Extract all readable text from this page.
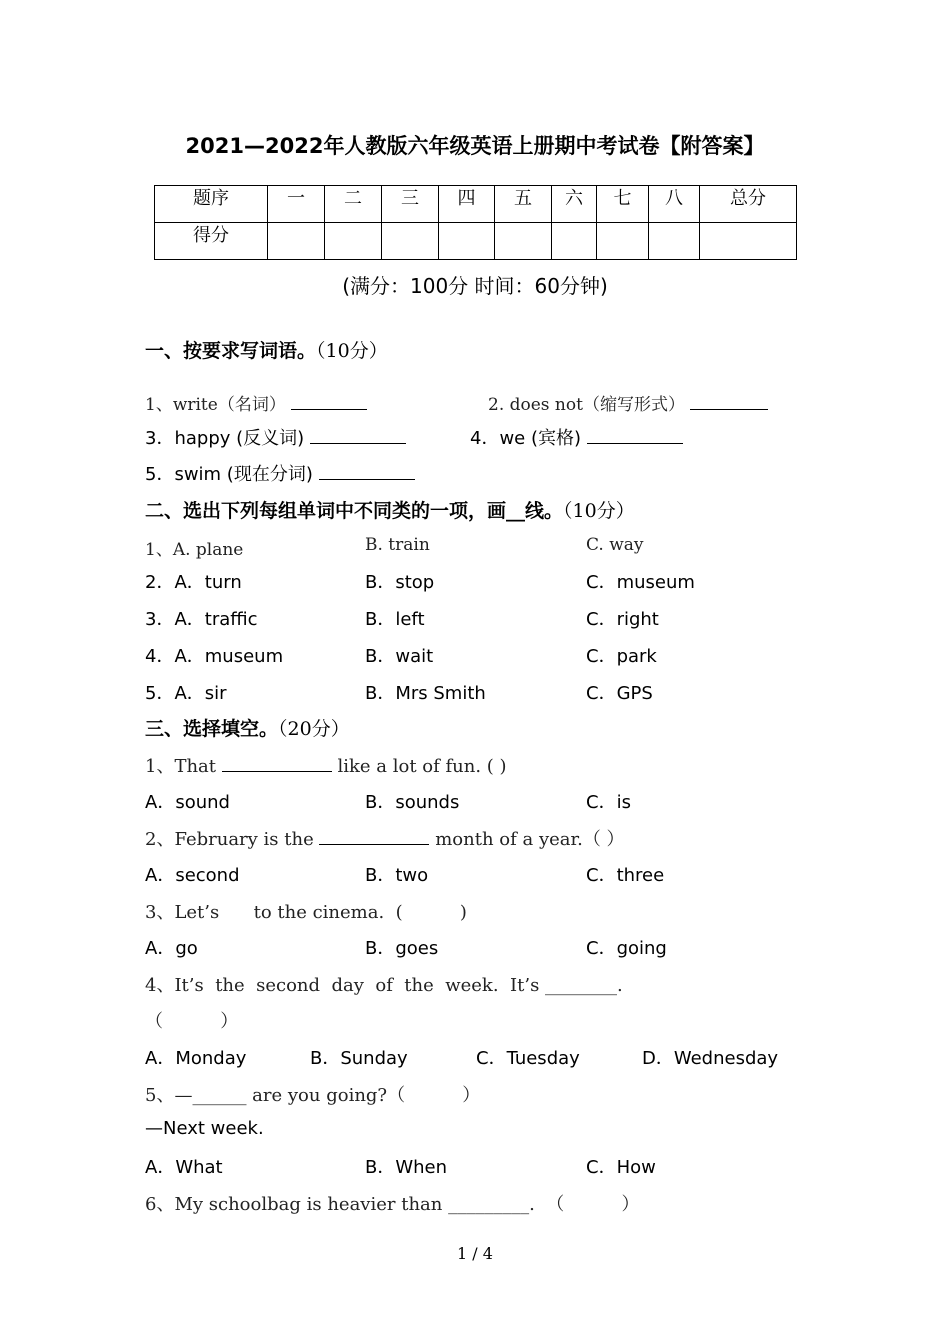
2021—2022年人教版六年级英语上册期中考试卷【附答案】
题序	一	二	三	四	五	六	七	八	总分
得分									
(满分：100分 时间：60分钟)
一、按要求写词语。（10分）
1、write（名词）	2. does not（缩写形式）
3．happy (反义词)	4．we (宾格)
5．swim (现在分词)
二、选出下列每组单词中不同类的一项，画__线。（10分）
1、A. plane	B. train	C. way
2．A．turn	B．stop	C．museum
3．A．traffic	B．left	C．right
4．A．museum	B．wait	C．park
5．A．sir	B．Mrs Smith	C．GPS
三、选择填空。（20分）
1、That	like a lot of fun. ( )
A．sound	B．sounds	C．is
2、February is the	month of a year.（ ）
A．second	B．two	C．three
3、Let’s      to the cinema.  (          )
A．go	B．goes	C．going
4、It’s  the  second  day  of  the  week.  It’s ________.
（          ）
A．Monday	B．Sunday	C．Tuesday	D．Wednesday
5、—______ are you going?（          ）
—Next week.
A．What	B．When	C．How
6、My schoolbag is heavier than _________.  （          ）
1 / 4
